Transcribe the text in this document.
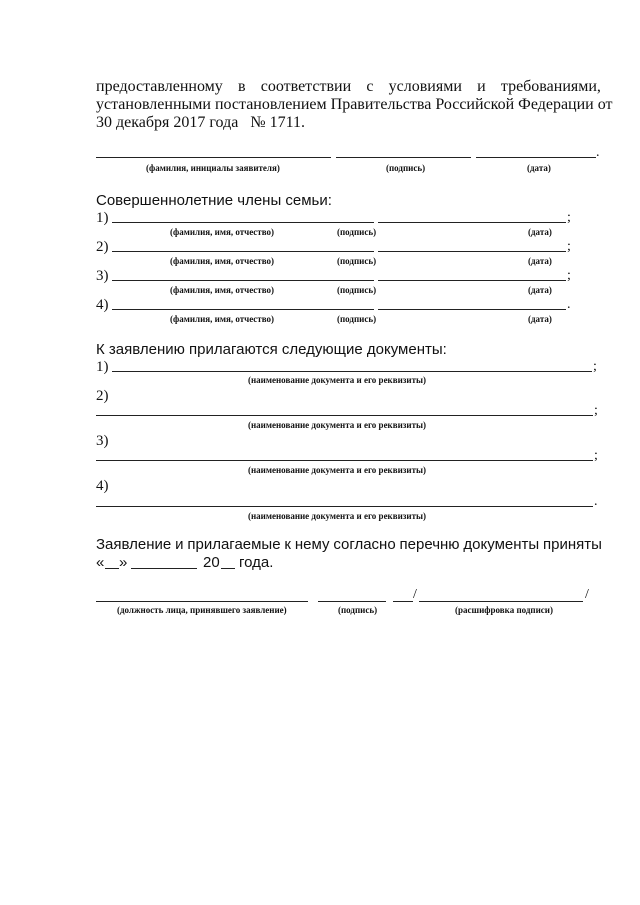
предоставленному в соответствии с условиями и требованиями,
установленными постановлением Правительства Российской Федерации от
30 декабря 2017 года   № 1711.
.
(фамилия, инициалы заявителя)	(подпись)	(дата)
Совершеннолетние члены семьи:
1)	;
(фамилия, имя, отчество)	(подпись)	(дата)
2)	;
(фамилия, имя, отчество)	(подпись)	(дата)
3)	;
(фамилия, имя, отчество)	(подпись)	(дата)
4)	.
(фамилия, имя, отчество)	(подпись)	(дата)
К заявлению прилагаются следующие документы:
1)	;
(наименование документа и его реквизиты)
2)
;
(наименование документа и его реквизиты)
3)
;
(наименование документа и его реквизиты)
4)
.
(наименование документа и его реквизиты)
Заявление и прилагаемые к нему согласно перечню документы приняты
« »	20 года.
/	/
(должность лица, принявшего заявление)	(подпись)	(расшифровка подписи)
